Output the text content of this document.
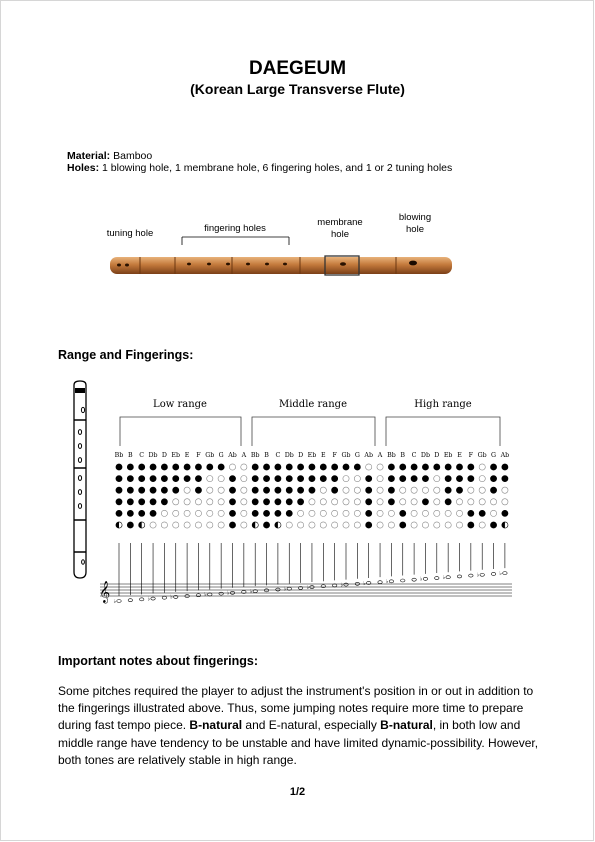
DAEGEUM
(Korean Large Transverse Flute)
Material: Bamboo
Holes: 1 blowing hole, 1 membrane hole, 6 fingering holes, and 1 or 2 tuning holes
tuning hole	fingering holes
membrane
hole
blowing
hole
Low range	Middle range	High range
Bb B C Db D Eb E F Gb G Ab A Bb B C Db D Eb E F Gb G Ab A Bb B C Db D Eb E F Gb G Ab
𝄞 ♭	♭	♭	♭	♭	♭	♭	♭	♭	♭	♭	♭	♭	♭	♭
Range and Fingerings:
Important notes about fingerings:
Some pitches required the player to adjust the instrument's position in or out in addition to the fingerings illustrated above. Thus, some jumping notes require more time to prepare during fast tempo piece. B-natural and E-natural, especially B-natural, in both low and middle range have tendency to be unstable and have limited dynamic-possibility. However, both tones are relatively stable in high range.
1/2
